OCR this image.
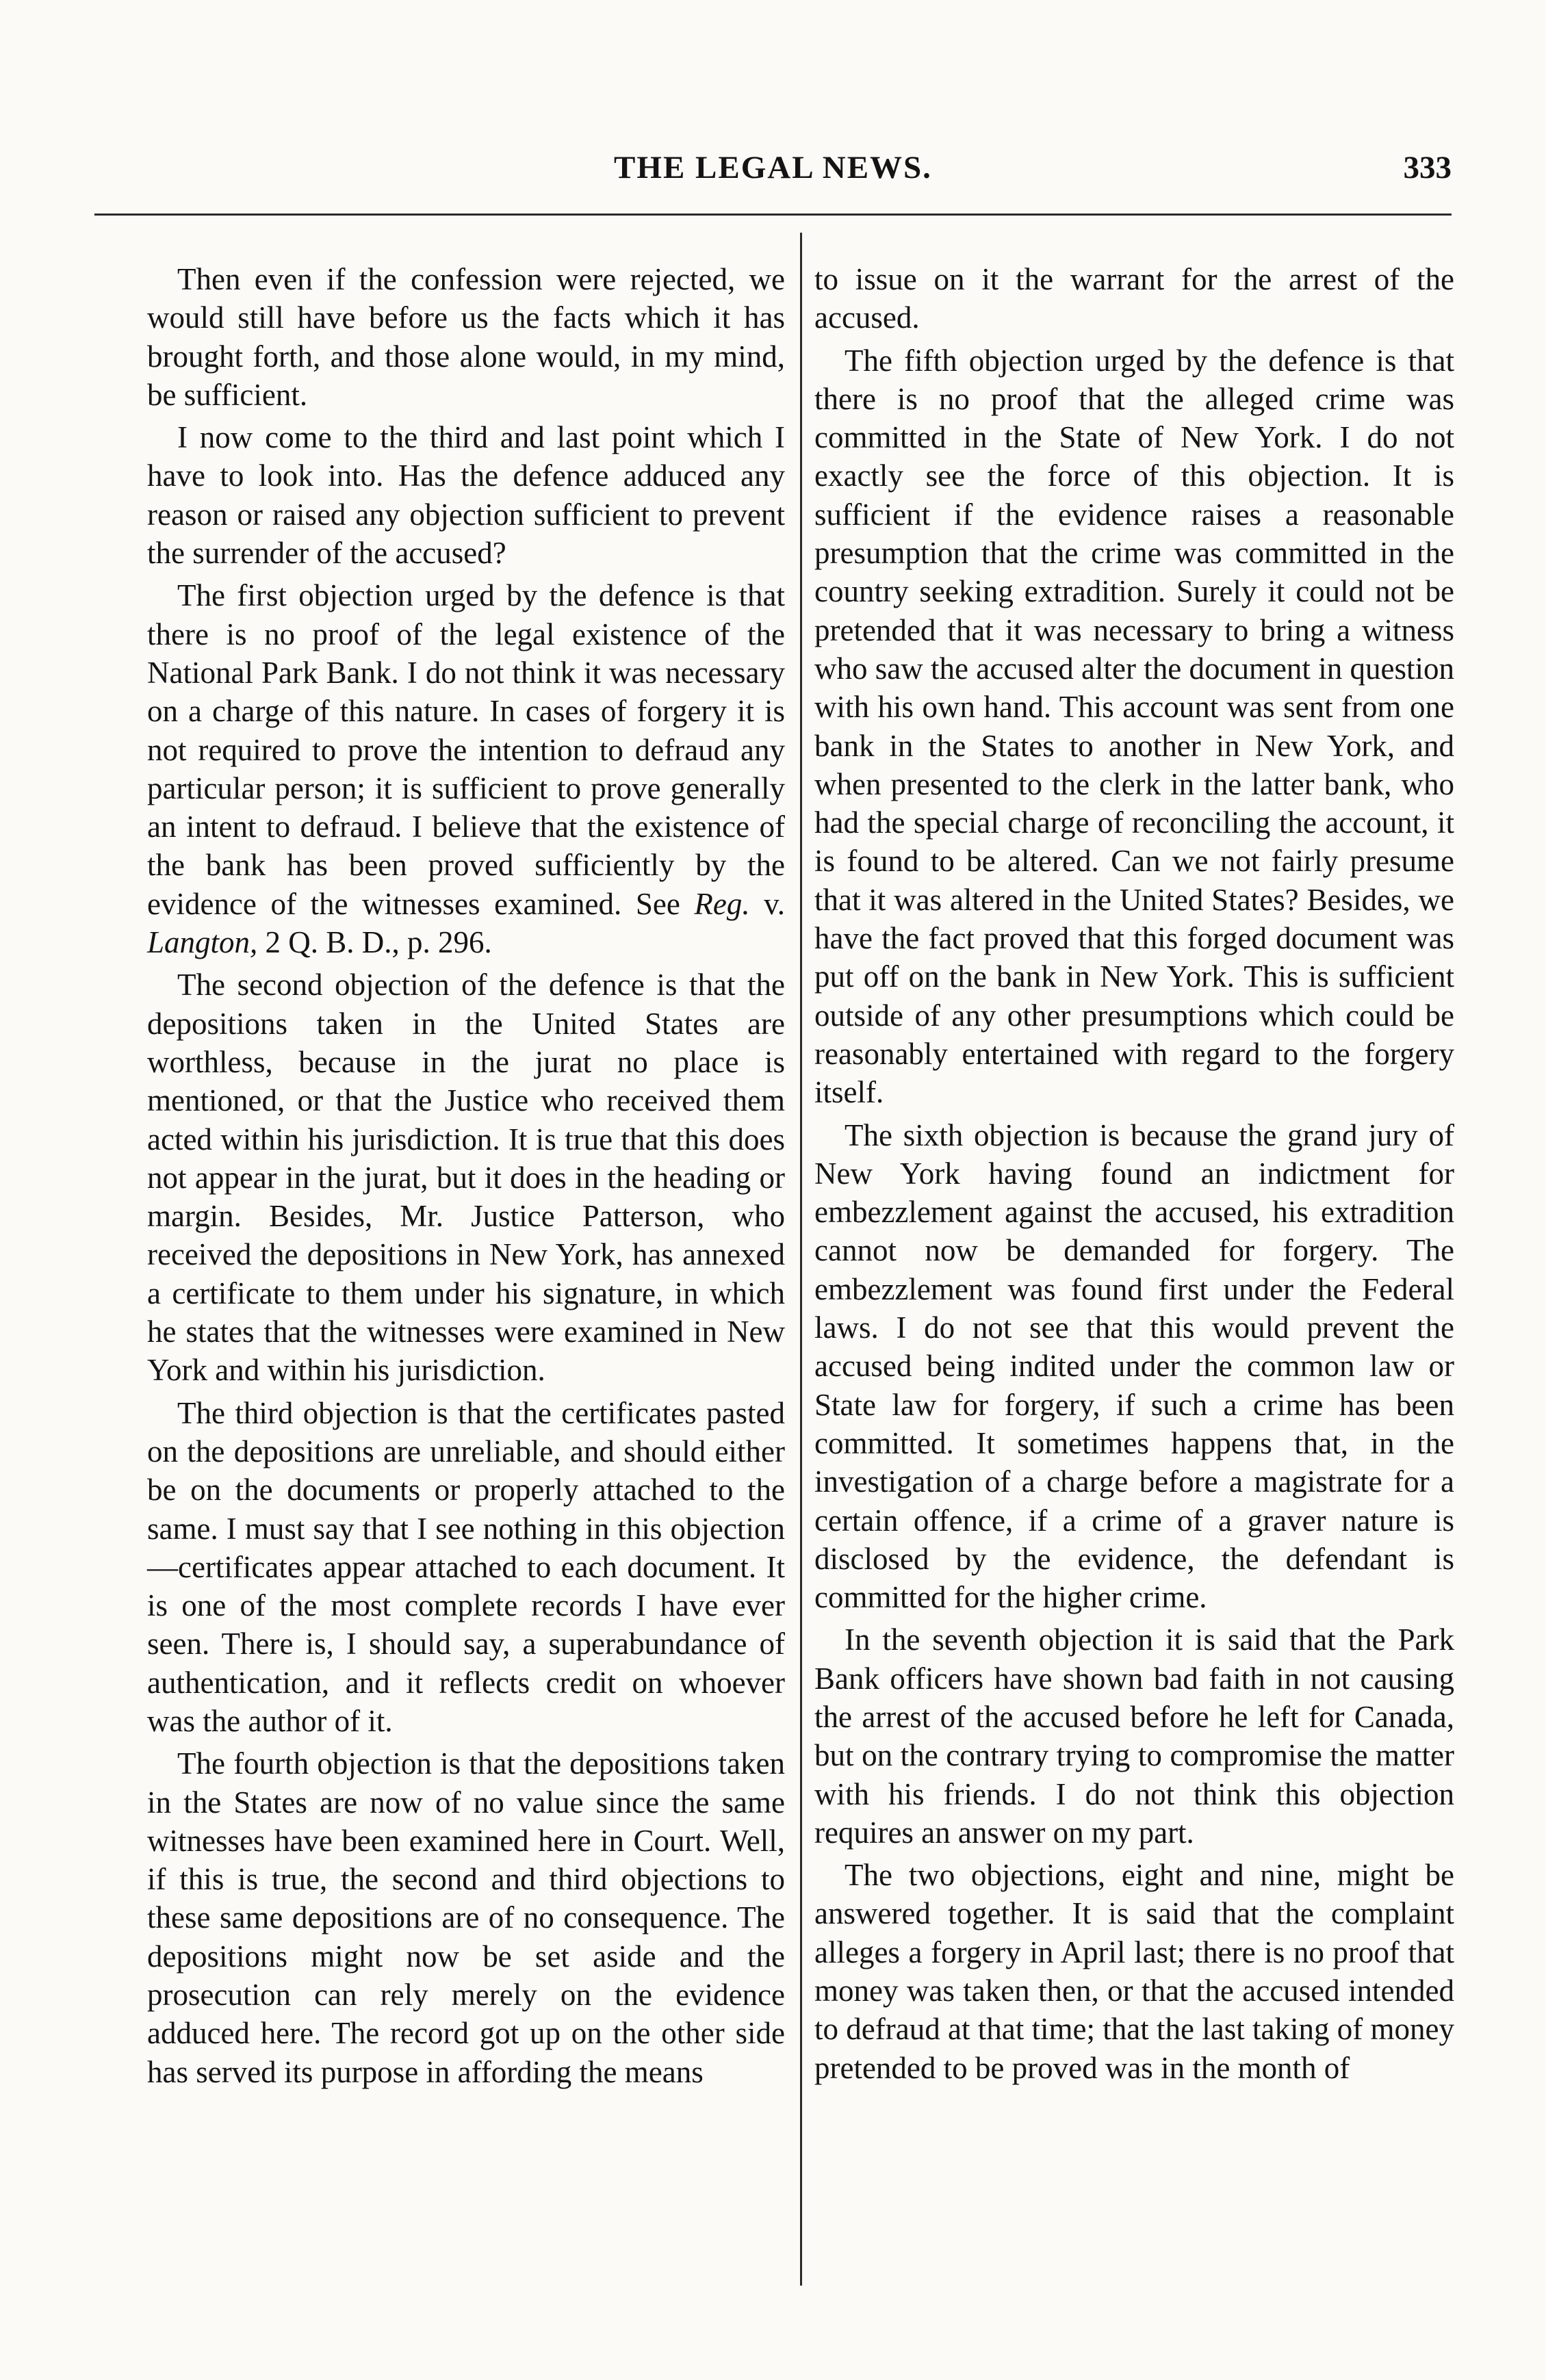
THE LEGAL NEWS.	333

Then even if the confession were rejected, we would still have before us the facts which it has brought forth, and those alone would, in my mind, be sufficient.

I now come to the third and last point which I have to look into. Has the defence adduced any reason or raised any objection sufficient to prevent the surrender of the accused?

The first objection urged by the defence is that there is no proof of the legal existence of the National Park Bank. I do not think it was necessary on a charge of this nature. In cases of forgery it is not required to prove the intention to defraud any particular person; it is sufficient to prove generally an intent to defraud. I believe that the existence of the bank has been proved sufficiently by the evidence of the witnesses examined. See Reg. v. Langton, 2 Q. B. D., p. 296.

The second objection of the defence is that the depositions taken in the United States are worthless, because in the jurat no place is mentioned, or that the Justice who received them acted within his jurisdiction. It is true that this does not appear in the jurat, but it does in the heading or margin. Besides, Mr. Justice Patterson, who received the depositions in New York, has annexed a certificate to them under his signature, in which he states that the witnesses were examined in New York and within his jurisdiction.

The third objection is that the certificates pasted on the depositions are unreliable, and should either be on the documents or properly attached to the same. I must say that I see nothing in this objection—certificates appear attached to each document. It is one of the most complete records I have ever seen. There is, I should say, a superabundance of authentication, and it reflects credit on whoever was the author of it.

The fourth objection is that the depositions taken in the States are now of no value since the same witnesses have been examined here in Court. Well, if this is true, the second and third objections to these same depositions are of no consequence. The depositions might now be set aside and the prosecution can rely merely on the evidence adduced here. The record got up on the other side has served its purpose in affording the means

to issue on it the warrant for the arrest of the accused.

The fifth objection urged by the defence is that there is no proof that the alleged crime was committed in the State of New York. I do not exactly see the force of this objection. It is sufficient if the evidence raises a reasonable presumption that the crime was committed in the country seeking extradition. Surely it could not be pretended that it was necessary to bring a witness who saw the accused alter the document in question with his own hand. This account was sent from one bank in the States to another in New York, and when presented to the clerk in the latter bank, who had the special charge of reconciling the account, it is found to be altered. Can we not fairly presume that it was altered in the United States? Besides, we have the fact proved that this forged document was put off on the bank in New York. This is sufficient outside of any other presumptions which could be reasonably entertained with regard to the forgery itself.

The sixth objection is because the grand jury of New York having found an indictment for embezzlement against the accused, his extradition cannot now be demanded for forgery. The embezzlement was found first under the Federal laws. I do not see that this would prevent the accused being indited under the common law or State law for forgery, if such a crime has been committed. It sometimes happens that, in the investigation of a charge before a magistrate for a certain offence, if a crime of a graver nature is disclosed by the evidence, the defendant is committed for the higher crime.

In the seventh objection it is said that the Park Bank officers have shown bad faith in not causing the arrest of the accused before he left for Canada, but on the contrary trying to compromise the matter with his friends. I do not think this objection requires an answer on my part.

The two objections, eight and nine, might be answered together. It is said that the complaint alleges a forgery in April last; there is no proof that money was taken then, or that the accused intended to defraud at that time; that the last taking of money pretended to be proved was in the month of
